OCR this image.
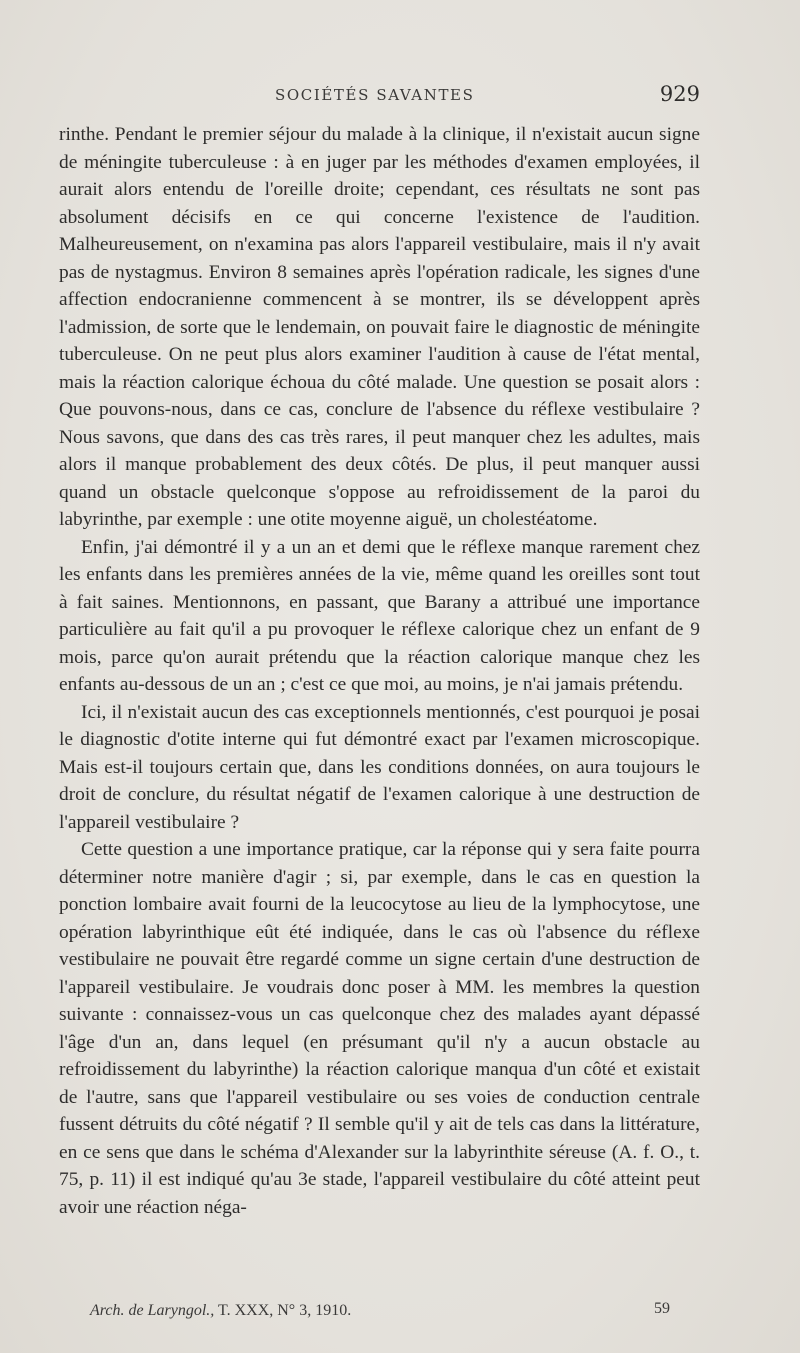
SOCIÉTÉS SAVANTES	929

rinthe. Pendant le premier séjour du malade à la clinique, il n'existait aucun signe de méningite tuberculeuse : à en juger par les méthodes d'examen employées, il aurait alors entendu de l'oreille droite; cependant, ces résultats ne sont pas absolument décisifs en ce qui concerne l'existence de l'audition. Malheureusement, on n'examina pas alors l'appareil vestibulaire, mais il n'y avait pas de nystagmus. Environ 8 semaines après l'opération radicale, les signes d'une affection endocranienne commencent à se montrer, ils se développent après l'admission, de sorte que le lendemain, on pouvait faire le diagnostic de méningite tuberculeuse. On ne peut plus alors examiner l'audition à cause de l'état mental, mais la réaction calorique échoua du côté malade. Une question se posait alors : Que pouvons-nous, dans ce cas, conclure de l'absence du réflexe vestibulaire ? Nous savons, que dans des cas très rares, il peut manquer chez les adultes, mais alors il manque probablement des deux côtés. De plus, il peut manquer aussi quand un obstacle quelconque s'oppose au refroidissement de la paroi du labyrinthe, par exemple : une otite moyenne aiguë, un cholestéatome.

Enfin, j'ai démontré il y a un an et demi que le réflexe manque rarement chez les enfants dans les premières années de la vie, même quand les oreilles sont tout à fait saines. Mentionnons, en passant, que Barany a attribué une importance particulière au fait qu'il a pu provoquer le réflexe calorique chez un enfant de 9 mois, parce qu'on aurait prétendu que la réaction calorique manque chez les enfants au-dessous de un an ; c'est ce que moi, au moins, je n'ai jamais prétendu.

Ici, il n'existait aucun des cas exceptionnels mentionnés, c'est pourquoi je posai le diagnostic d'otite interne qui fut démontré exact par l'examen microscopique. Mais est-il toujours certain que, dans les conditions données, on aura toujours le droit de conclure, du résultat négatif de l'examen calorique à une destruction de l'appareil vestibulaire ?

Cette question a une importance pratique, car la réponse qui y sera faite pourra déterminer notre manière d'agir ; si, par exemple, dans le cas en question la ponction lombaire avait fourni de la leucocytose au lieu de la lymphocytose, une opération labyrinthique eût été indiquée, dans le cas où l'absence du réflexe vestibulaire ne pouvait être regardé comme un signe certain d'une destruction de l'appareil vestibulaire. Je voudrais donc poser à MM. les membres la question suivante : connaissez-vous un cas quelconque chez des malades ayant dépassé l'âge d'un an, dans lequel (en présumant qu'il n'y a aucun obstacle au refroidissement du labyrinthe) la réaction calorique manqua d'un côté et existait de l'autre, sans que l'appareil vestibulaire ou ses voies de conduction centrale fussent détruits du côté négatif ? Il semble qu'il y ait de tels cas dans la littérature, en ce sens que dans le schéma d'Alexander sur la labyrinthite séreuse (A. f. O., t. 75, p. 11) il est indiqué qu'au 3e stade, l'appareil vestibulaire du côté atteint peut avoir une réaction néga-

Arch. de Laryngol., T. XXX, N° 3, 1910.	59
